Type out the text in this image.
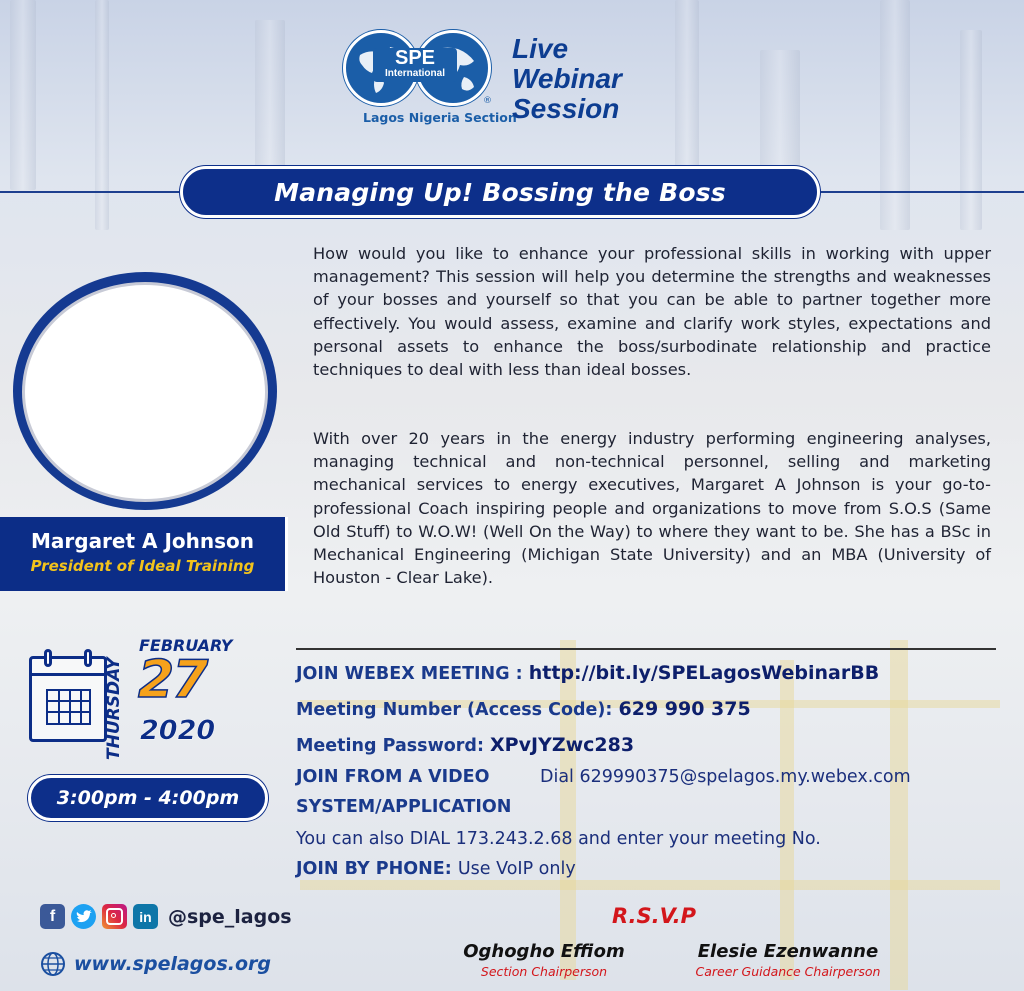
SPE
International
®
Lagos Nigeria Section
Live
Webinar
Session
Managing Up! Bossing the Boss
Margaret A Johnson
President of Ideal Training
How would you like to enhance your professional skills in working with upper management? This session will help you determine the strengths and weaknesses of your bosses and yourself so that you can be able to partner together more effectively. You would assess, examine and clarify work styles, expectations and personal assets to enhance the boss/surbodinate relationship and practice techniques to deal with less than ideal bosses.
With over 20 years in the energy industry performing engineering analyses, managing technical and non-technical personnel, selling and marketing mechanical services to energy executives, Margaret A Johnson is your go-to-professional Coach inspiring people and organizations to move from S.O.S (Same Old Stuff) to W.O.W! (Well On the Way) to where they want to be. She has a BSc in Mechanical Engineering (Michigan State University) and an MBA (University of Houston - Clear Lake).
FEBRUARY
THURSDAY 27
2020
3:00pm - 4:00pm
JOIN WEBEX MEETING : http://bit.ly/SPELagosWebinarBB
Meeting Number (Access Code): 629 990 375
Meeting Password: XPvJYZwc283
JOIN FROM A VIDEO	Dial 629990375@spelagos.my.webex.com
SYSTEM/APPLICATION
You can also DIAL 173.243.2.68 and enter your meeting No.
JOIN BY PHONE: Use VoIP only
f	in @spe_lagos
www.spelagos.org
R.S.V.P
Oghogho Effiom
Section Chairperson
Elesie Ezenwanne
Career Guidance Chairperson
